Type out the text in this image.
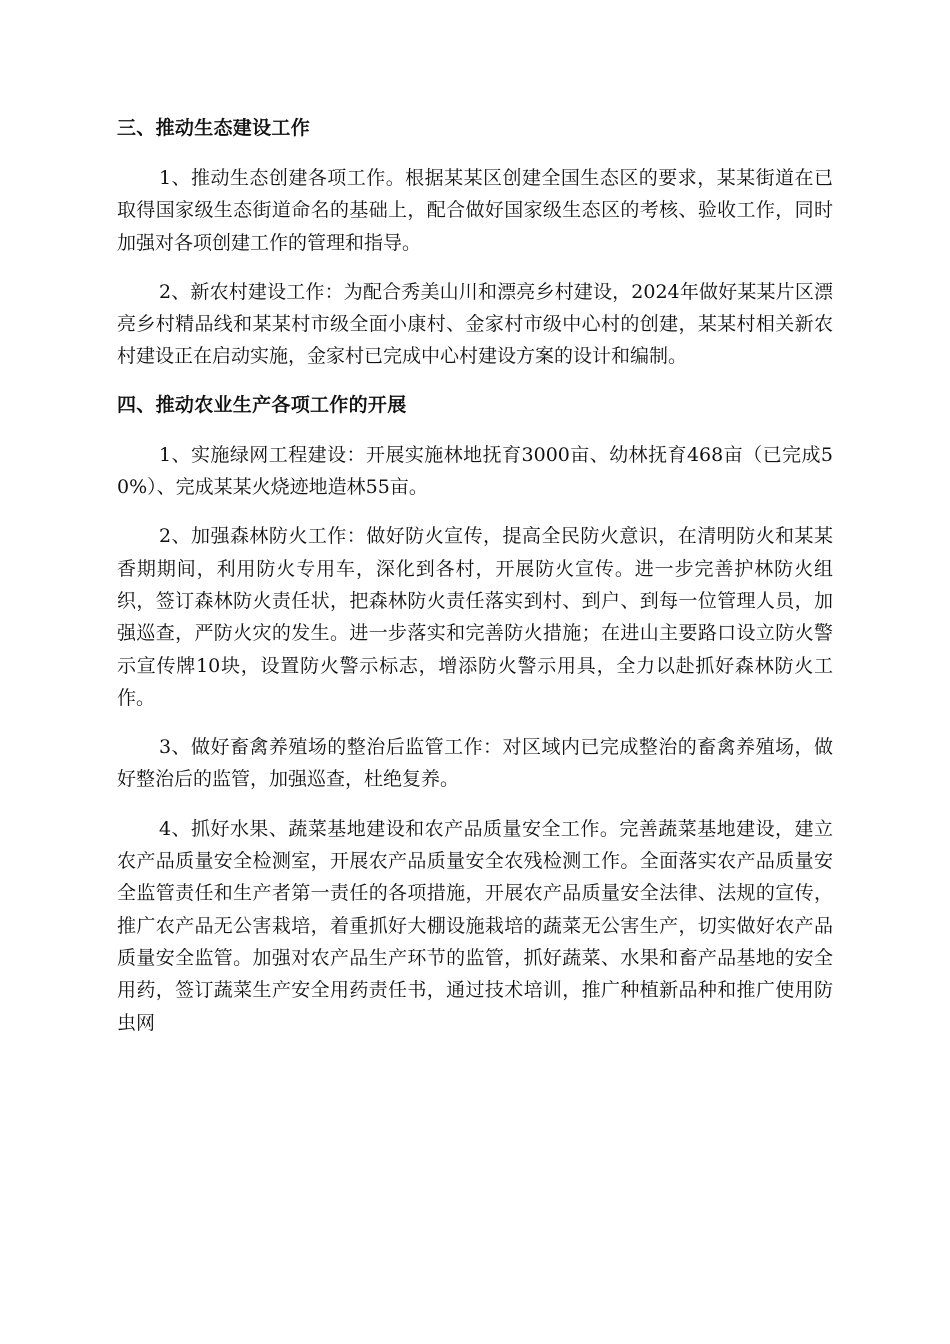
三、推动生态建设工作

1、推动生态创建各项工作。根据某某区创建全国生态区的要求，某某街道在已取得国家级生态街道命名的基础上，配合做好国家级生态区的考核、验收工作，同时加强对各项创建工作的管理和指导。

2、新农村建设工作：为配合秀美山川和漂亮乡村建设，2024年做好某某片区漂亮乡村精品线和某某村市级全面小康村、金家村市级中心村的创建，某某村相关新农村建设正在启动实施，金家村已完成中心村建设方案的设计和编制。

四、推动农业生产各项工作的开展

1、实施绿网工程建设：开展实施林地抚育3000亩、幼林抚育468亩（已完成50%）、完成某某火烧迹地造林55亩。

2、加强森林防火工作：做好防火宣传，提高全民防火意识，在清明防火和某某香期期间，利用防火专用车，深化到各村，开展防火宣传。进一步完善护林防火组织，签订森林防火责任状，把森林防火责任落实到村、到户、到每一位管理人员，加强巡查，严防火灾的发生。进一步落实和完善防火措施；在进山主要路口设立防火警示宣传牌10块，设置防火警示标志，增添防火警示用具，全力以赴抓好森林防火工作。

3、做好畜禽养殖场的整治后监管工作：对区域内已完成整治的畜禽养殖场，做好整治后的监管，加强巡查，杜绝复养。

4、抓好水果、蔬菜基地建设和农产品质量安全工作。完善蔬菜基地建设，建立农产品质量安全检测室，开展农产品质量安全农残检测工作。全面落实农产品质量安全监管责任和生产者第一责任的各项措施，开展农产品质量安全法律、法规的宣传，推广农产品无公害栽培，着重抓好大棚设施栽培的蔬菜无公害生产，切实做好农产品质量安全监管。加强对农产品生产环节的监管，抓好蔬菜、水果和畜产品基地的安全用药，签订蔬菜生产安全用药责任书，通过技术培训，推广种植新品种和推广使用防虫网
